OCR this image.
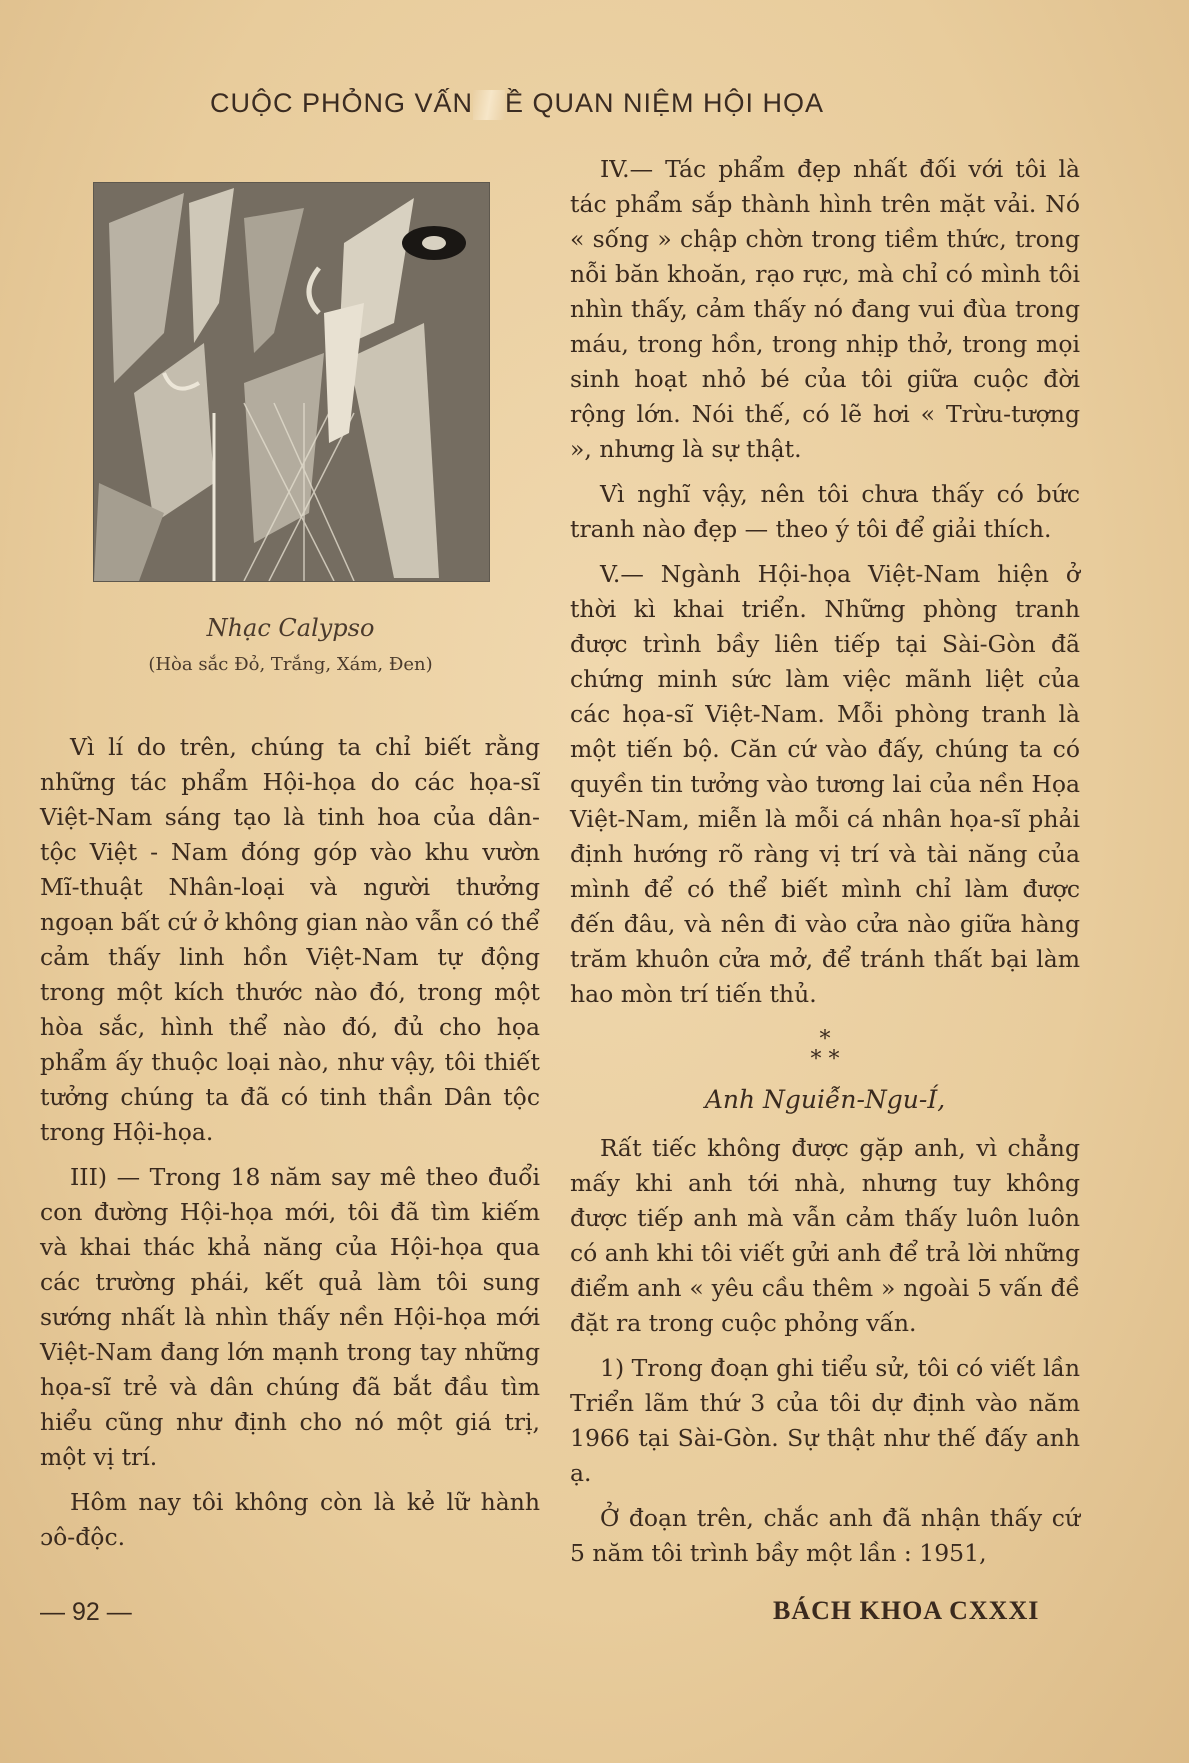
CUỘC PHỎNG VẤN Ề QUAN NIỆM HỘI HỌA
Nhạc Calypso
(Hòa sắc Đỏ, Trắng, Xám, Đen)

Vì lí do trên, chúng ta chỉ biết rằng những tác phẩm Hội-họa do các họa-sĩ Việt-Nam sáng tạo là tinh hoa của dân-tộc Việt - Nam đóng góp vào khu vườn Mĩ-thuật Nhân-loại và người thưởng ngoạn bất cứ ở không gian nào vẫn có thể cảm thấy linh hồn Việt-Nam tự động trong một kích thước nào đó, trong một hòa sắc, hình thể nào đó, đủ cho họa phẩm ấy thuộc loại nào, như vậy, tôi thiết tưởng chúng ta đã có tinh thần Dân tộc trong Hội-họa.

III) — Trong 18 năm say mê theo đuổi con đường Hội-họa mới, tôi đã tìm kiếm và khai thác khả năng của Hội-họa qua các trường phái, kết quả làm tôi sung sướng nhất là nhìn thấy nền Hội-họa mới Việt-Nam đang lớn mạnh trong tay những họa-sĩ trẻ và dân chúng đã bắt đầu tìm hiểu cũng như định cho nó một giá trị, một vị trí.

Hôm nay tôi không còn là kẻ lữ hành ɔô-độc.

IV.— Tác phẩm đẹp nhất đối với tôi là tác phẩm sắp thành hình trên mặt vải. Nó « sống » chập chờn trong tiềm thức, trong nỗi băn khoăn, rạo rực, mà chỉ có mình tôi nhìn thấy, cảm thấy nó đang vui đùa trong máu, trong hồn, trong nhịp thở, trong mọi sinh hoạt nhỏ bé của tôi giữa cuộc đời rộng lớn. Nói thế, có lẽ hơi « Trừu-tượng », nhưng là sự thật.

Vì nghĩ vậy, nên tôi chưa thấy có bức tranh nào đẹp — theo ý tôi để giải thích.

V.— Ngành Hội-họa Việt-Nam hiện ở thời kì khai triển. Những phòng tranh được trình bầy liên tiếp tại Sài-Gòn đã chứng minh sức làm việc mãnh liệt của các họa-sĩ Việt-Nam. Mỗi phòng tranh là một tiến bộ. Căn cứ vào đấy, chúng ta có quyền tin tưởng vào tương lai của nền Họa Việt-Nam, miễn là mỗi cá nhân họa-sĩ phải định hướng rõ ràng vị trí và tài năng của mình để có thể biết mình chỉ làm được đến đâu, và nên đi vào cửa nào giữa hàng trăm khuôn cửa mở, để tránh thất bại làm hao mòn trí tiến thủ.

*
* *
Anh Nguiễn-Ngu-Í,

Rất tiếc không được gặp anh, vì chẳng mấy khi anh tới nhà, nhưng tuy không được tiếp anh mà vẫn cảm thấy luôn luôn có anh khi tôi viết gửi anh để trả lời những điểm anh « yêu cầu thêm » ngoài 5 vấn đề đặt ra trong cuộc phỏng vấn.

1) Trong đoạn ghi tiểu sử, tôi có viết lần Triển lãm thứ 3 của tôi dự định vào năm 1966 tại Sài-Gòn. Sự thật như thế đấy anh ạ.

Ở đoạn trên, chắc anh đã nhận thấy cứ 5 năm tôi trình bầy một lần : 1951,

— 92 —	BÁCH KHOA CXXXI
